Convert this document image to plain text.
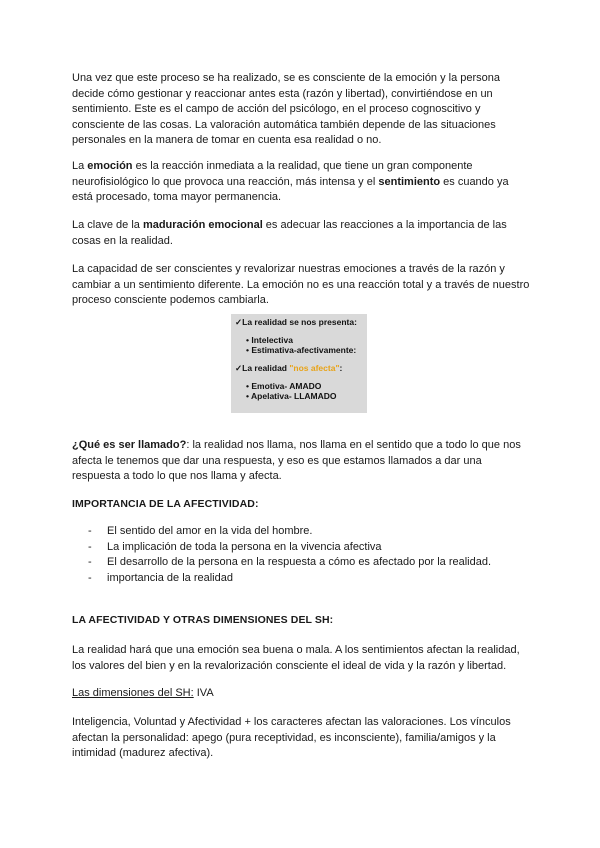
Una vez que este proceso se ha realizado, se es consciente de la emoción y la persona decide cómo gestionar y reaccionar antes esta (razón y libertad), convirtiéndose en un sentimiento. Este es el campo de acción del psicólogo, en el proceso cognoscitivo y consciente de las cosas. La valoración automática también depende de las situaciones personales en la manera de tomar en cuenta esa realidad o no.

La emoción es la reacción inmediata a la realidad, que tiene un gran componente neurofisiológico lo que provoca una reacción, más intensa y el sentimiento es cuando ya está procesado, toma mayor permanencia.

La clave de la maduración emocional es adecuar las reacciones a la importancia de las cosas en la realidad.

La capacidad de ser conscientes y revalorizar nuestras emociones a través de la razón y cambiar a un sentimiento diferente. La emoción no es una reacción total y a través de nuestro proceso consciente podemos cambiarla.

✓La realidad se nos presenta:
• Intelectiva
• Estimativa-afectivamente:
✓La realidad "nos afecta":
• Emotiva- AMADO
• Apelativa- LLAMADO

¿Qué es ser llamado?: la realidad nos llama, nos llama en el sentido que a todo lo que nos afecta le tenemos que dar una respuesta, y eso es que estamos llamados a dar una respuesta a todo lo que nos llama y afecta.

IMPORTANCIA DE LA AFECTIVIDAD:
- El sentido del amor en la vida del hombre.
- La implicación de toda la persona en la vivencia afectiva
- El desarrollo de la persona en la respuesta a cómo es afectado por la realidad.
- importancia de la realidad
LA AFECTIVIDAD Y OTRAS DIMENSIONES DEL SH:

La realidad hará que una emoción sea buena o mala. A los sentimientos afectan la realidad, los valores del bien y en la revalorización consciente el ideal de vida y la razón y libertad.

Las dimensiones del SH: IVA

Inteligencia, Voluntad y Afectividad + los caracteres afectan las valoraciones. Los vínculos afectan la personalidad: apego (pura receptividad, es inconsciente), familia/amigos y la intimidad (madurez afectiva).
